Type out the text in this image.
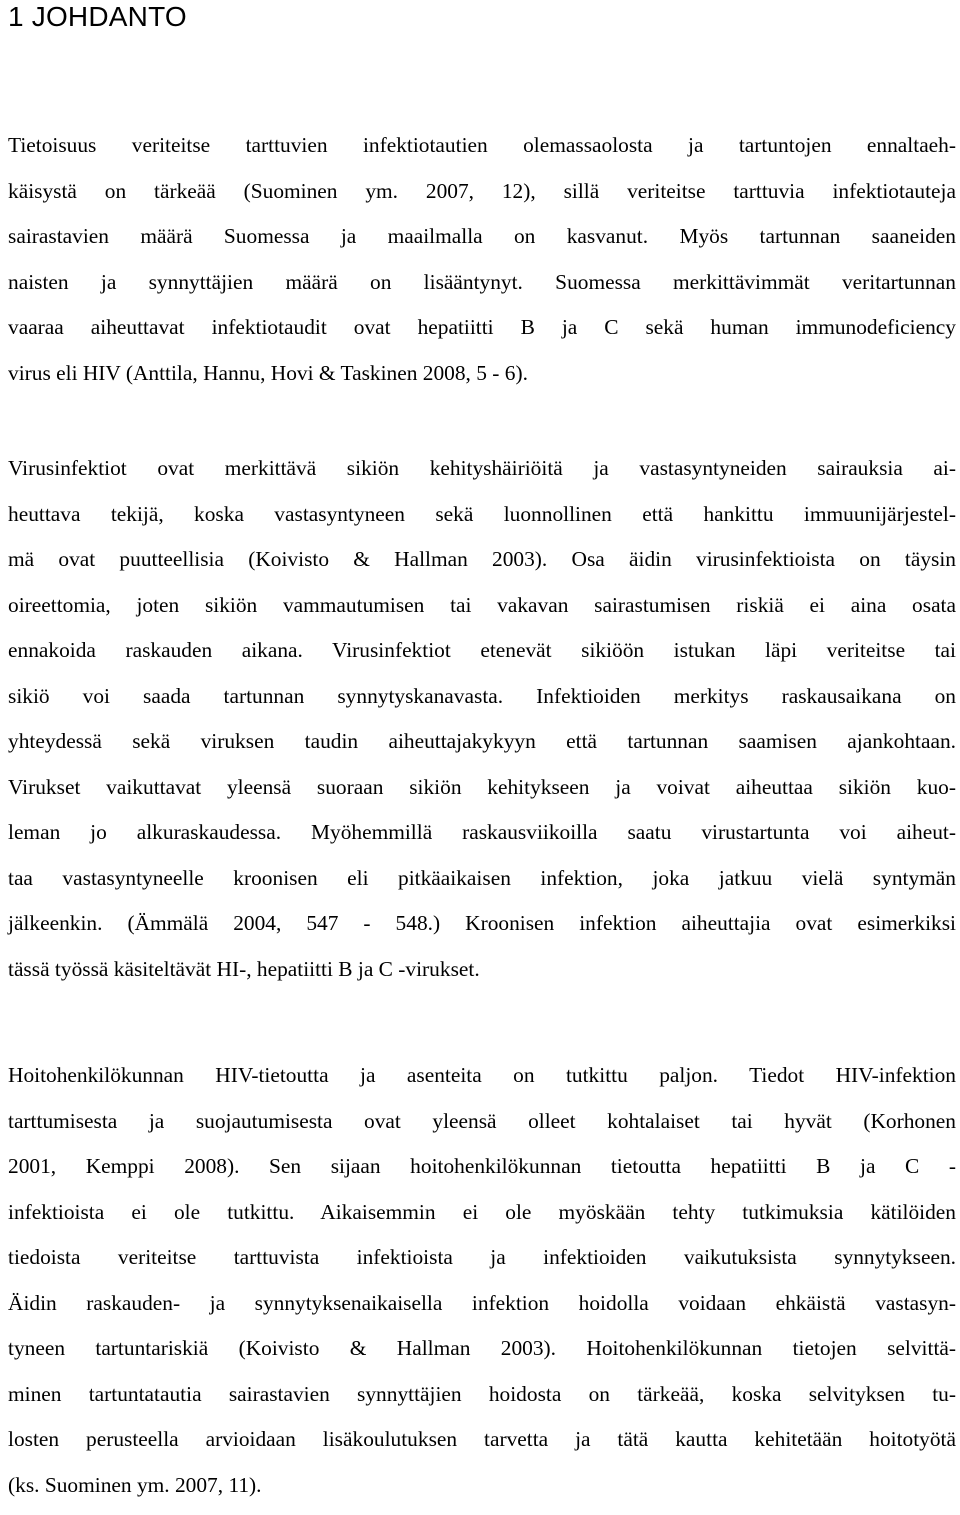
1 JOHDANTO
Tietoisuus veriteitse tarttuvien infektiotautien olemassaolosta ja tartuntojen ennaltaeh-
käisystä on tärkeää (Suominen ym. 2007, 12), sillä veriteitse tarttuvia infektiotauteja
sairastavien määrä Suomessa ja maailmalla on kasvanut. Myös tartunnan saaneiden
naisten ja synnyttäjien määrä on lisääntynyt. Suomessa merkittävimmät veritartunnan
vaaraa aiheuttavat infektiotaudit ovat hepatiitti B ja C sekä human immunodeficiency
virus eli HIV (Anttila, Hannu, Hovi & Taskinen 2008, 5 - 6).
Virusinfektiot ovat merkittävä sikiön kehityshäiriöitä ja vastasyntyneiden sairauksia ai-
heuttava tekijä, koska vastasyntyneen sekä luonnollinen että hankittu immuunijärjestel-
mä ovat puutteellisia (Koivisto & Hallman 2003). Osa äidin virusinfektioista on täysin
oireettomia, joten sikiön vammautumisen tai vakavan sairastumisen riskiä ei aina osata
ennakoida raskauden aikana. Virusinfektiot etenevät sikiöön istukan läpi veriteitse tai
sikiö voi saada tartunnan synnytyskanavasta. Infektioiden merkitys raskausaikana on
yhteydessä sekä viruksen taudin aiheuttajakykyyn että tartunnan saamisen ajankohtaan.
Virukset vaikuttavat yleensä suoraan sikiön kehitykseen ja voivat aiheuttaa sikiön kuo-
leman jo alkuraskaudessa. Myöhemmillä raskausviikoilla saatu virustartunta voi aiheut-
taa vastasyntyneelle kroonisen eli pitkäaikaisen infektion, joka jatkuu vielä syntymän
jälkeenkin. (Ämmälä 2004, 547 - 548.) Kroonisen infektion aiheuttajia ovat esimerkiksi
tässä työssä käsiteltävät HI-, hepatiitti B ja C -virukset.
Hoitohenkilökunnan HIV-tietoutta ja asenteita on tutkittu paljon. Tiedot HIV-infektion
tarttumisesta ja suojautumisesta ovat yleensä olleet kohtalaiset tai hyvät (Korhonen
2001, Kemppi 2008). Sen sijaan hoitohenkilökunnan tietoutta hepatiitti B ja C -
infektioista ei ole tutkittu. Aikaisemmin ei ole myöskään tehty tutkimuksia kätilöiden
tiedoista veriteitse tarttuvista infektioista ja infektioiden vaikutuksista synnytykseen.
Äidin raskauden- ja synnytyksenaikaisella infektion hoidolla voidaan ehkäistä vastasyn-
tyneen tartuntariskiä (Koivisto & Hallman 2003). Hoitohenkilökunnan tietojen selvittä-
minen tartuntatautia sairastavien synnyttäjien hoidosta on tärkeää, koska selvityksen tu-
losten perusteella arvioidaan lisäkoulutuksen tarvetta ja tätä kautta kehitetään hoitotyötä
(ks. Suominen ym. 2007, 11).
